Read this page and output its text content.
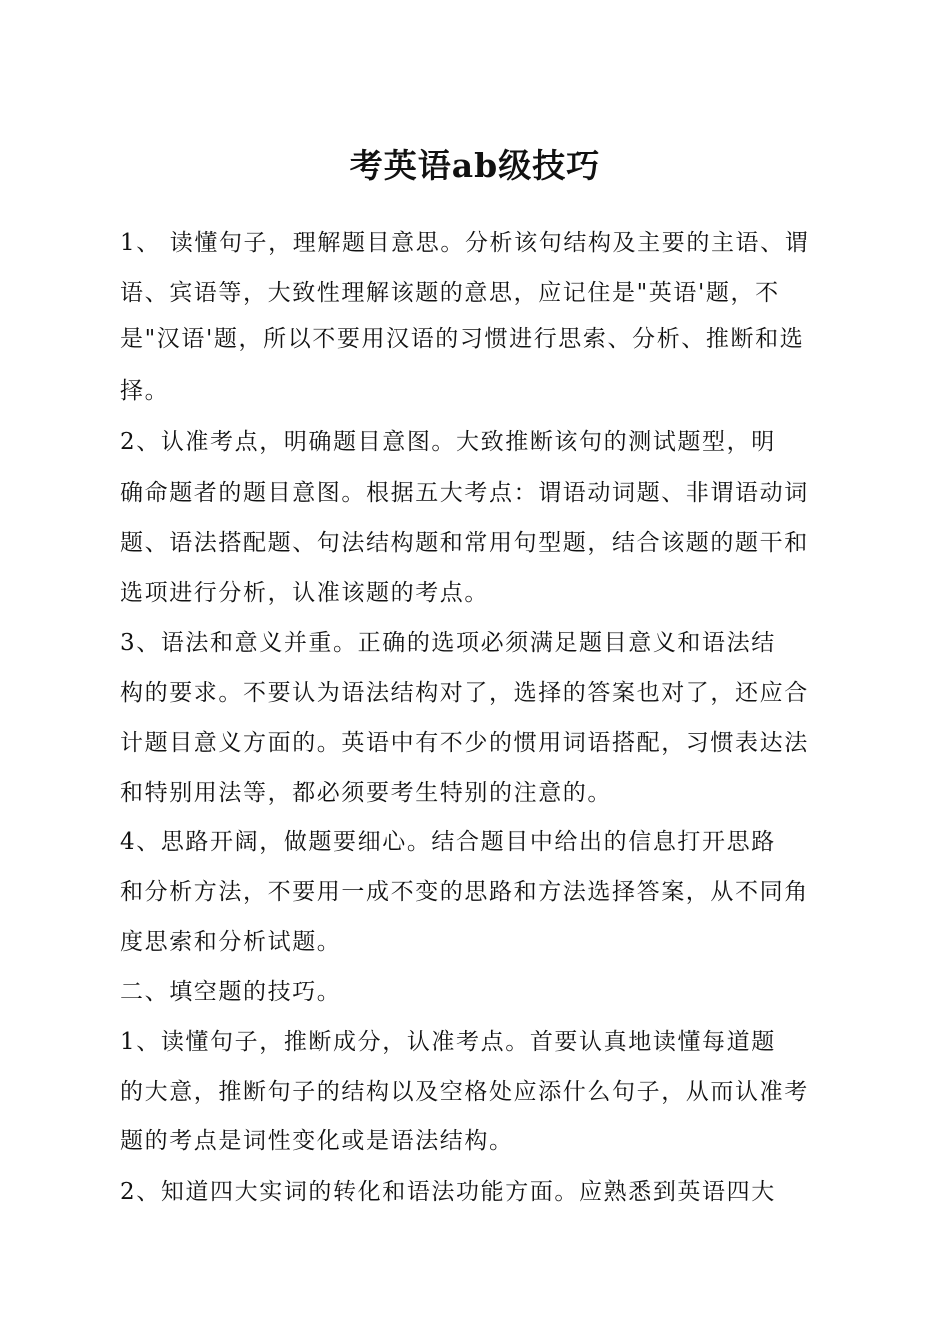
考英语ab级技巧

1、 读懂句子，理解题目意思。分析该句结构及主要的主语、谓

语、宾语等，大致性理解该题的意思，应记住是"英语'题，不

是"汉语'题，所以不要用汉语的习惯进行思索、分析、推断和选

择。

2、认准考点，明确题目意图。大致推断该句的测试题型，明

确命题者的题目意图。根据五大考点：谓语动词题、非谓语动词

题、语法搭配题、句法结构题和常用句型题，结合该题的题干和

选项进行分析，认准该题的考点。

3、语法和意义并重。正确的选项必须满足题目意义和语法结

构的要求。不要认为语法结构对了，选择的答案也对了，还应合

计题目意义方面的。英语中有不少的惯用词语搭配，习惯表达法

和特别用法等，都必须要考生特别的注意的。

4、思路开阔，做题要细心。结合题目中给出的信息打开思路

和分析方法，不要用一成不变的思路和方法选择答案，从不同角

度思索和分析试题。

二、填空题的技巧。

1、读懂句子，推断成分，认准考点。首要认真地读懂每道题

的大意，推断句子的结构以及空格处应添什么句子，从而认准考

题的考点是词性变化或是语法结构。

2、知道四大实词的转化和语法功能方面。应熟悉到英语四大
